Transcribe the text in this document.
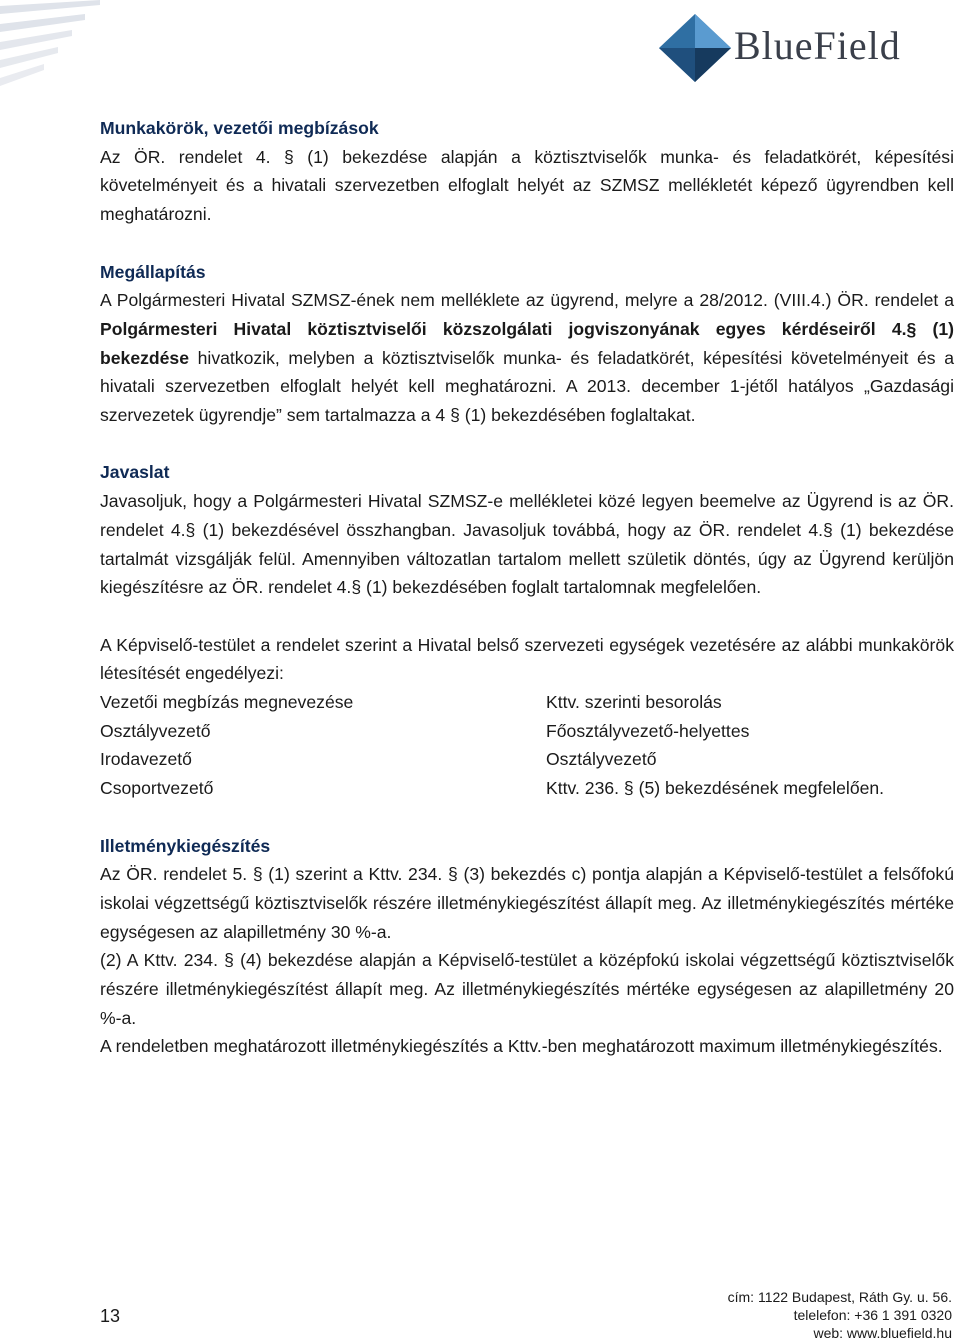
BlueField

Munkakörök, vezetői megbízások

Az ÖR. rendelet 4. § (1) bekezdése alapján a köztisztviselők munka- és feladatkörét, képesítési követelményeit és a hivatali szervezetben elfoglalt helyét az SZMSZ mellékletét képező ügyrendben kell meghatározni.

Megállapítás

A Polgármesteri Hivatal SZMSZ-ének nem melléklete az ügyrend, melyre a 28/2012. (VIII.4.) ÖR. rendelet a Polgármesteri Hivatal köztisztviselői közszolgálati jogviszonyának egyes kérdéseiről 4.§ (1) bekezdése hivatkozik, melyben a köztisztviselők munka- és feladatkörét, képesítési követelményeit és a hivatali szervezetben elfoglalt helyét kell meghatározni. A 2013. december 1-jétől hatályos „Gazdasági szervezetek ügyrendje” sem tartalmazza a 4 § (1) bekezdésében foglaltakat.

Javaslat

Javasoljuk, hogy a Polgármesteri Hivatal SZMSZ-e mellékletei közé legyen beemelve az Ügyrend is az ÖR. rendelet 4.§ (1) bekezdésével összhangban. Javasoljuk továbbá, hogy az ÖR. rendelet 4.§ (1) bekezdése tartalmát vizsgálják felül. Amennyiben változatlan tartalom mellett születik döntés, úgy az Ügyrend kerüljön kiegészítésre az ÖR. rendelet 4.§ (1) bekezdésében foglalt tartalomnak megfelelően.

A Képviselő-testület a rendelet szerint a Hivatal belső szervezeti egységek vezetésére az alábbi munkakörök létesítését engedélyezi:

Vezetői megbízás megnevezése	Kttv. szerinti besorolás
Osztályvezető	Főosztályvezető-helyettes
Irodavezető	Osztályvezető
Csoportvezető	Kttv. 236. § (5) bekezdésének megfelelően.

Illetménykiegészítés

Az ÖR. rendelet 5. § (1) szerint a Kttv. 234. § (3) bekezdés c) pontja alapján a Képviselő-testület a felsőfokú iskolai végzettségű köztisztviselők részére illetménykiegészítést állapít meg. Az illetménykiegészítés mértéke egységesen az alapilletmény 30 %-a.

(2) A Kttv. 234. § (4) bekezdése alapján a Képviselő-testület a középfokú iskolai végzettségű köztisztviselők részére illetménykiegészítést állapít meg. Az illetménykiegészítés mértéke egységesen az alapilletmény 20 %-a.

A rendeletben meghatározott illetménykiegészítés a Kttv.-ben meghatározott maximum illetménykiegészítés.

13
cím: 1122 Budapest, Ráth Gy. u. 56.
telelefon: +36 1 391 0320
web: www.bluefield.hu
